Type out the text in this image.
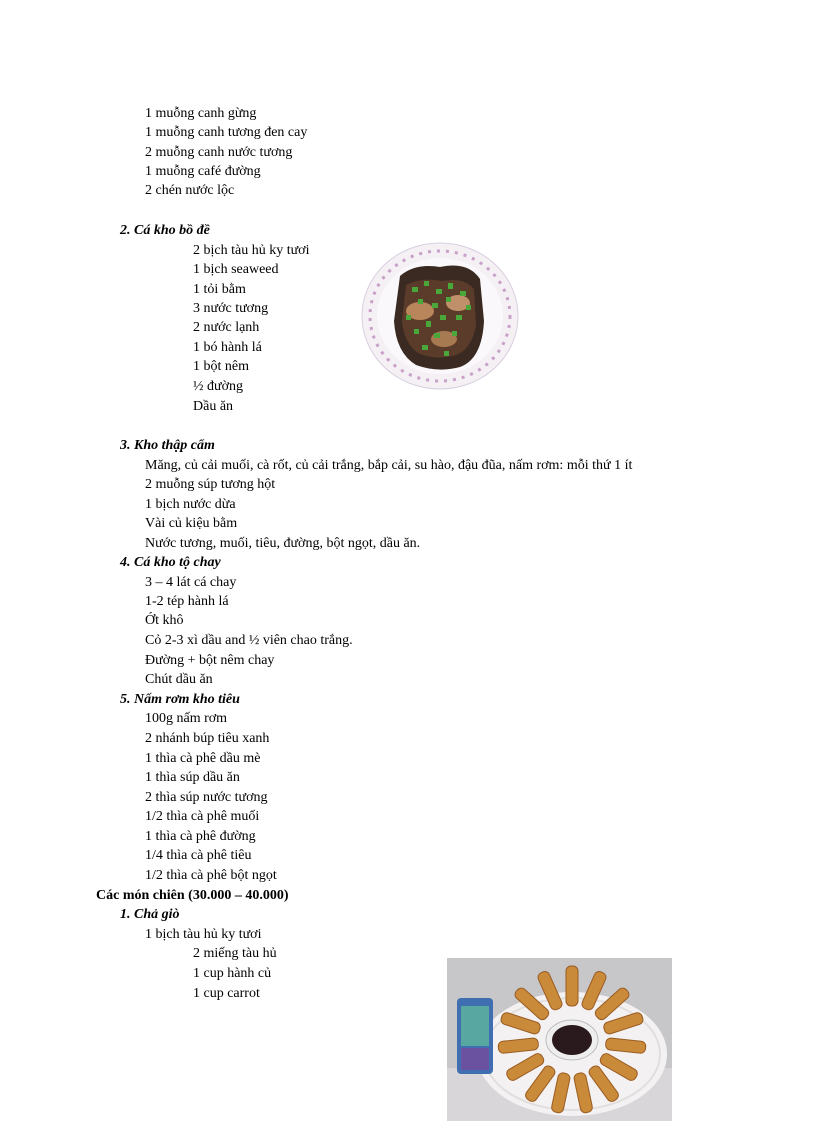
1 muỗng canh gừng
1 muỗng canh tương đen cay
2 muỗng canh nước tương
1 muỗng café đường
2 chén nước lộc
2. Cá kho bồ đề
2 bịch tàu hủ ky tươi
1 bịch seaweed
1 tỏi bằm
3 nước tương
2 nước lạnh
1 bó hành lá
1 bột nêm
½ đường
Dầu ăn
3. Kho thập cẩm
Măng, củ cải muối, cà rốt, củ cải trắng, bắp cải, su hào, đậu đũa, nấm rơm: mỗi thứ 1 ít
2 muỗng súp tương hột
1 bịch nước dừa
Vài củ kiệu bằm
Nước tương, muối, tiêu, đường, bột ngọt, dầu ăn.
4. Cá kho tộ chay
3 – 4 lát cá chay
1-2 tép hành lá
Ớt khô
Cỏ 2-3 xì dầu and ½ viên chao trắng.
Đường + bột nêm chay
Chút dầu ăn
5. Nấm rơm kho tiêu
100g nấm rơm
2 nhánh búp tiêu xanh
1 thìa cà phê dầu mè
1 thìa súp dầu ăn
2 thìa súp nước tương
1/2 thìa cà phê muối
1 thìa cà phê đường
1/4 thìa cà phê tiêu
1/2 thìa cà phê bột ngọt
Các món chiên (30.000 – 40.000)
1. Chả giò
1 bịch tàu hủ ky tươi
2 miếng tàu hủ
1 cup hành củ
1 cup carrot
